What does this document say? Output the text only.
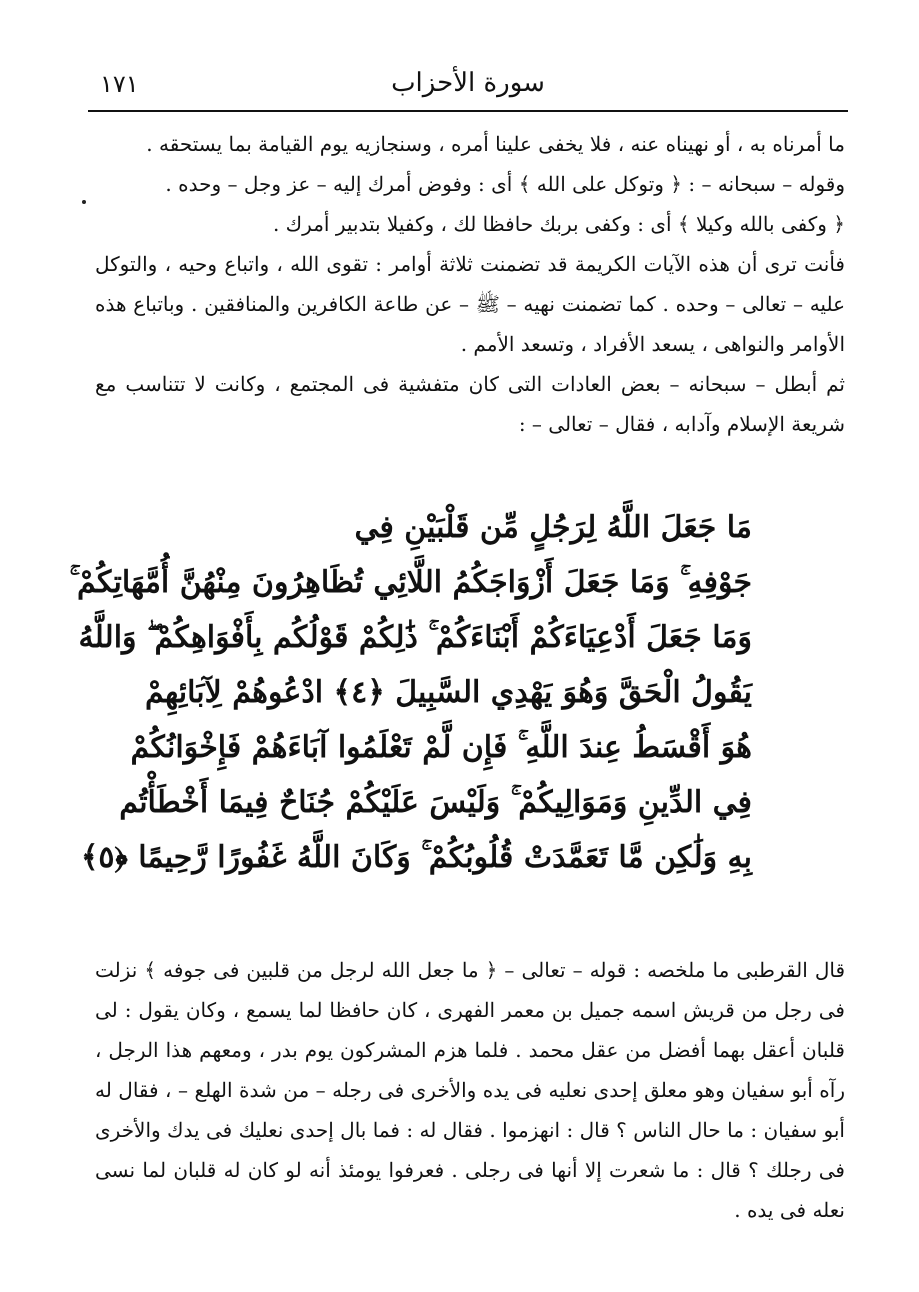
١٧١	سورة الأحزاب

ما أمرناه به ، أو نهيناه عنه ، فلا يخفى علينا أمره ، وسنجازيه يوم القيامة بما يستحقه .

وقوله – سبحانه – : ﴿ وتوكل على الله ﴾ أى : وفوض أمرك إليه – عز وجل – وحده .

﴿ وكفى بالله وكيلا ﴾ أى : وكفى بربك حافظا لك ، وكفيلا بتدبير أمرك .

فأنت ترى أن هذه الآيات الكريمة قد تضمنت ثلاثة أوامر : تقوى الله ، واتباع وحيه ، والتوكل عليه – تعالى – وحده . كما تضمنت نهيه – ﷺ – عن طاعة الكافرين والمنافقين . وباتباع هذه الأوامر والنواهى ، يسعد الأفراد ، وتسعد الأمم .

ثم أبطل – سبحانه – بعض العادات التى كان متفشية فى المجتمع ، وكانت لا تتناسب مع شريعة الإسلام وآدابه ، فقال – تعالى – :

مَا جَعَلَ اللَّهُ لِرَجُلٍ مِّن قَلْبَيْنِ فِي
جَوْفِهِ ۚ وَمَا جَعَلَ أَزْوَاجَكُمُ اللَّائِي تُظَاهِرُونَ مِنْهُنَّ أُمَّهَاتِكُمْ ۚ
وَمَا جَعَلَ أَدْعِيَاءَكُمْ أَبْنَاءَكُمْ ۚ ذَٰلِكُمْ قَوْلُكُم بِأَفْوَاهِكُمْ ۖ وَاللَّهُ
يَقُولُ الْحَقَّ وَهُوَ يَهْدِي السَّبِيلَ ﴿٤﴾ ادْعُوهُمْ لِآبَائِهِمْ
هُوَ أَقْسَطُ عِندَ اللَّهِ ۚ فَإِن لَّمْ تَعْلَمُوا آبَاءَهُمْ فَإِخْوَانُكُمْ
فِي الدِّينِ وَمَوَالِيكُمْ ۚ وَلَيْسَ عَلَيْكُمْ جُنَاحٌ فِيمَا أَخْطَأْتُم
بِهِ وَلَٰكِن مَّا تَعَمَّدَتْ قُلُوبُكُمْ ۚ وَكَانَ اللَّهُ غَفُورًا رَّحِيمًا ﴿٥﴾

قال القرطبى ما ملخصه : قوله – تعالى – ﴿ ما جعل الله لرجل من قلبين فى جوفه ﴾ نزلت فى رجل من قريش اسمه جميل بن معمر الفهرى ، كان حافظا لما يسمع ، وكان يقول : لى قلبان أعقل بهما أفضل من عقل محمد . فلما هزم المشركون يوم بدر ، ومعهم هذا الرجل ، رآه أبو سفيان وهو معلق إحدى نعليه فى يده والأخرى فى رجله – من شدة الهلع – ، فقال له أبو سفيان : ما حال الناس ؟ قال : انهزموا . فقال له : فما بال إحدى نعليك فى يدك والأخرى فى رجلك ؟ قال : ما شعرت إلا أنها فى رجلى . فعرفوا يومئذ أنه لو كان له قلبان لما نسى نعله فى يده .
